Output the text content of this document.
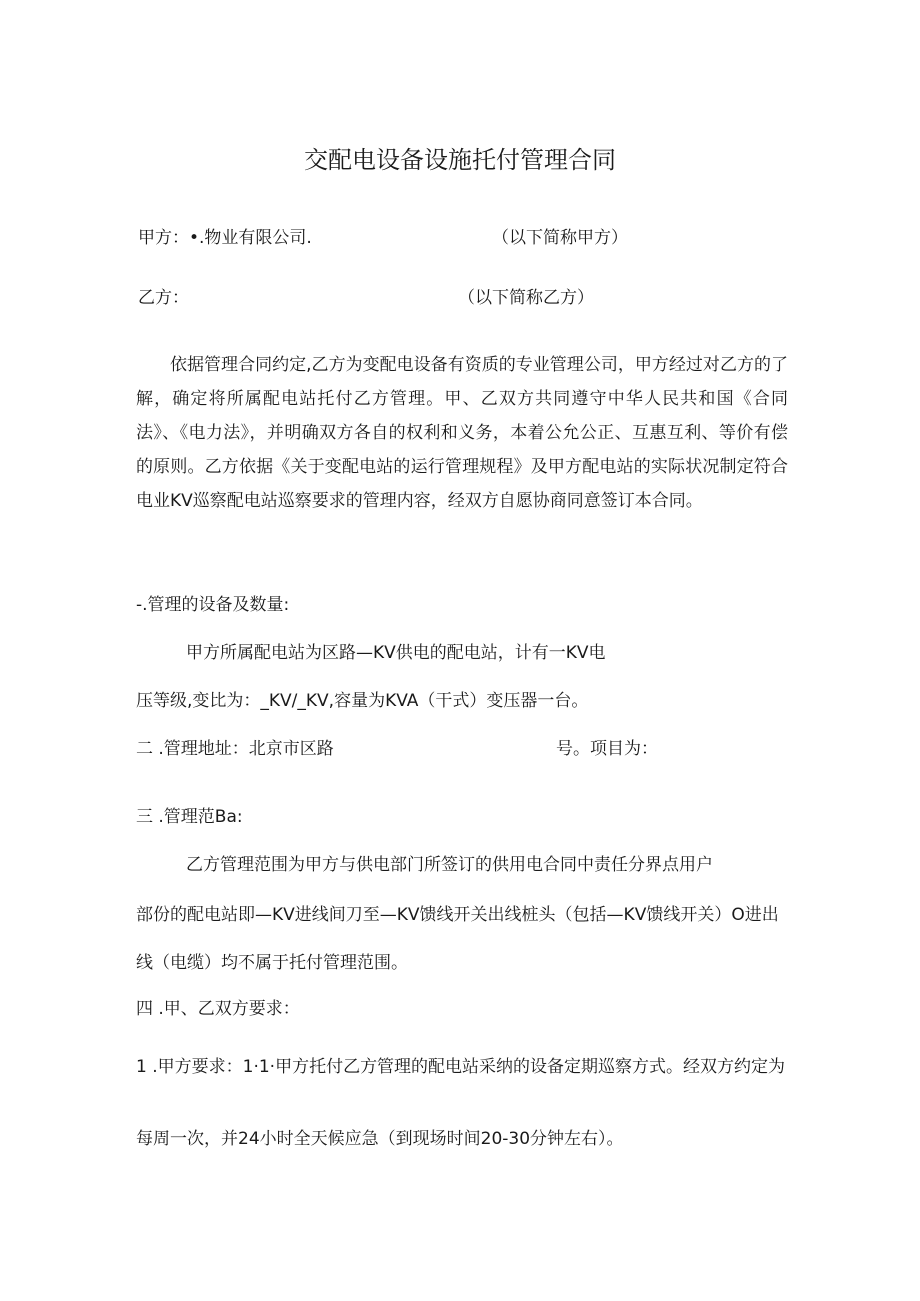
交配电设备设施托付管理合同
甲方：•.物业有限公司.	（以下简称甲方）
乙方：	（以下简称乙方）
依据管理合同约定,乙方为变配电设备有资质的专业管理公司，甲方经过对乙方的了解，确定将所属配电站托付乙方管理。甲、乙双方共同遵守中华人民共和国《合同法》、《电力法》，并明确双方各自的权利和义务，本着公允公正、互惠互利、等价有偿的原则。乙方依据《关于变配电站的运行管理规程》及甲方配电站的实际状况制定符合电业KV巡察配电站巡察要求的管理内容，经双方自愿协商同意签订本合同。
-.管理的设备及数量:
甲方所属配电站为区路—KV供电的配电站，计有一KV电
压等级,变比为：_KV/_KV,容量为KVA（干式）变压器一台。
二 .管理地址：北京市区路	号。项目为：
三 .管理范Ba:
乙方管理范围为甲方与供电部门所签订的供用电合同中责任分界点用户
部份的配电站即—KV进线间刀至—KV馈线开关出线桩头（包括—KV馈线开关）O进出
线（电缆）均不属于托付管理范围。
四 .甲、乙双方要求：
1 .甲方要求：1·1·甲方托付乙方管理的配电站采纳的设备定期巡察方式。经双方约定为
每周一次，并24小时全天候应急（到现场时间20-30分钟左右）。
